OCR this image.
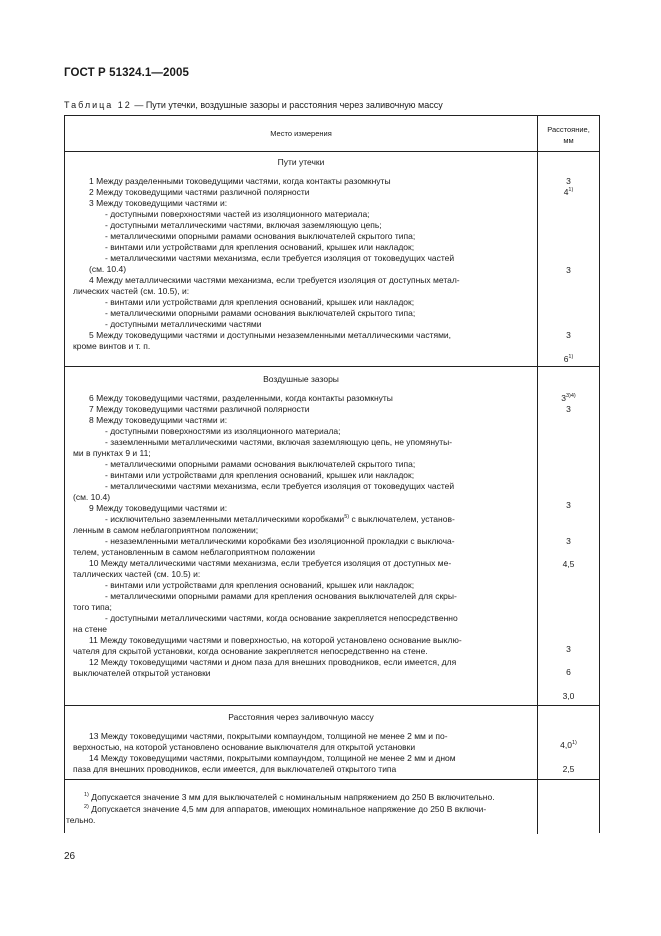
ГОСТ Р 51324.1—2005
Таблица 12 — Пути утечки, воздушные зазоры и расстояния через заливочную массу
Место измерения	Расстояние,
мм
Пути утечки
1 Между разделенными токоведущими частями, когда контакты разомкнуты
2 Между токоведущими частями различной полярности
3 Между токоведущими частями и:
- доступными поверхностями частей из изоляционного материала;
- доступными металлическими частями, включая заземляющую цепь;
- металлическими опорными рамами основания выключателей скрытого типа;
- винтами или устройствами для крепления оснований, крышек или накладок;
- металлическими частями механизма, если требуется изоляция от токоведущих частей
(см. 10.4)
4 Между металлическими частями механизма, если требуется изоляция от доступных метал-
лических частей (см. 10.5), и:
- винтами или устройствами для крепления оснований, крышек или накладок;
- металлическими опорными рамами основания выключателей скрытого типа;
- доступными металлическими частями
5 Между токоведущими частями и доступными незаземленными металлическими частями,
кроме винтов и т. п.
3
4$^{1)}$
3
3
6$^{1)}$
Воздушные зазоры
6 Между токоведущими частями, разделенными, когда контакты разомкнуты
7 Между токоведущими частями различной полярности
8 Между токоведущими частями и:
- доступными поверхностями из изоляционного материала;
- заземленными металлическими частями, включая заземляющую цепь, не упомянуты-
ми в пунктах 9 и 11;
- металлическими опорными рамами основания выключателей скрытого типа;
- винтами или устройствами для крепления оснований, крышек или накладок;
- металлическими частями механизма, если требуется изоляция от токоведущих частей
(см. 10.4)
9 Между токоведущими частями и:
- исключительно заземленными металлическими коробками$^{5)}$ с выключателем, установ-
ленным в самом неблагоприятном положении;
- незаземленными металлическими коробками без изоляционной прокладки с выключа-
телем, установленным в самом неблагоприятном положении
10 Между металлическими частями механизма, если требуется изоляция от доступных ме-
таллических частей (см. 10.5) и:
- винтами или устройствами для крепления оснований, крышек или накладок;
- металлическими опорными рамами для крепления основания выключателей для скры-
того типа;
- доступными металлическими частями, когда основание закрепляется непосредственно
на стене
11 Между токоведущими частями и поверхностью, на которой установлено основание выклю-
чателя для скрытой установки, когда основание закрепляется непосредственно на стене.
12 Между токоведущими частями и дном паза для внешних проводников, если имеется, для
выключателей открытой установки
$3^{3)4)}$
3
3
3
4,5
3
6
3,0
Расстояния через заливочную массу
13 Между токоведущими частями, покрытыми компаундом, толщиной не менее 2 мм и по-
верхностью, на которой установлено основание выключателя для открытой установки
14 Между токоведущими частями, покрытыми компаундом, толщиной не менее 2 мм и дном
паза для внешних проводников, если имеется, для выключателей открытого типа
4,0$^{1)}$
2,5
$^{1)}$ Допускается значение 3 мм для выключателей с номинальным напряжением до 250 В включительно.
$^{2)}$ Допускается значение 4,5 мм для аппаратов, имеющих номинальное напряжение до 250 В включи-
тельно.
26
